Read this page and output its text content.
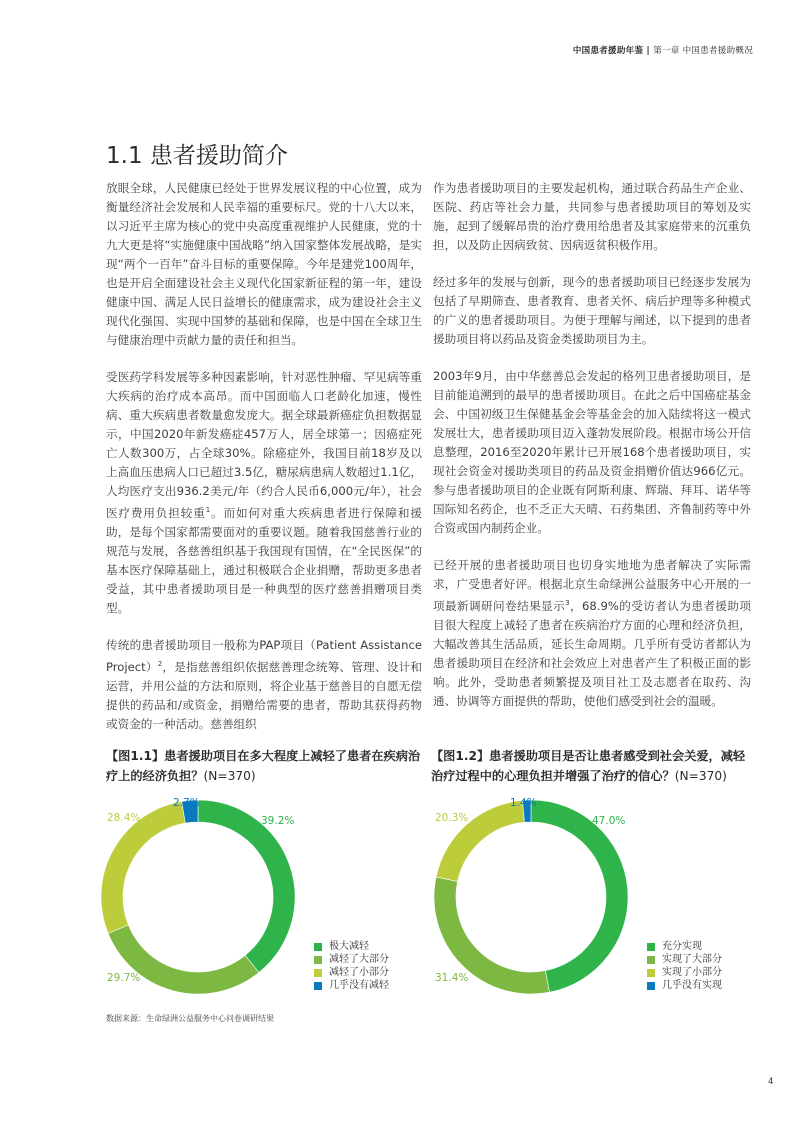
中国患者援助年鉴 | 第一章 中国患者援助概况
1.1 患者援助简介

放眼全球，人民健康已经处于世界发展议程的中心位置，成为衡量经济社会发展和人民幸福的重要标尺。党的十八大以来，以习近平主席为核心的党中央高度重视维护人民健康，党的十九大更是将“实施健康中国战略”纳入国家整体发展战略，是实现“两个一百年”奋斗目标的重要保障。今年是建党100周年，也是开启全面建设社会主义现代化国家新征程的第一年，建设健康中国、满足人民日益增长的健康需求，成为建设社会主义现代化强国、实现中国梦的基础和保障，也是中国在全球卫生与健康治理中贡献力量的责任和担当。

受医药学科发展等多种因素影响，针对恶性肿瘤、罕见病等重大疾病的治疗成本高昂。而中国面临人口老龄化加速，慢性病、重大疾病患者数量愈发庞大。据全球最新癌症负担数据显示，中国2020年新发癌症457万人，居全球第一；因癌症死亡人数300万，占全球30%。除癌症外，我国目前18岁及以上高血压患病人口已超过3.5亿，糖尿病患病人数超过1.1亿，人均医疗支出936.2美元/年（约合人民币6,000元/年），社会医疗费用负担较重$^1$。而如何对重大疾病患者进行保障和援助，是每个国家都需要面对的重要议题。随着我国慈善行业的规范与发展，各慈善组织基于我国现有国情，在“全民医保”的基本医疗保障基础上，通过积极联合企业捐赠，帮助更多患者受益，其中患者援助项目是一种典型的医疗慈善捐赠项目类型。

传统的患者援助项目一般称为PAP项目（Patient Assistance Project）$^2$，是指慈善组织依据慈善理念统筹、管理、设计和运营，并用公益的方法和原则，将企业基于慈善目的自愿无偿提供的药品和/或资金，捐赠给需要的患者，帮助其获得药物或资金的一种活动。慈善组织

作为患者援助项目的主要发起机构，通过联合药品生产企业、医院、药店等社会力量，共同参与患者援助项目的筹划及实施，起到了缓解昂贵的治疗费用给患者及其家庭带来的沉重负担，以及防止因病致贫、因病返贫积极作用。

经过多年的发展与创新，现今的患者援助项目已经逐步发展为包括了早期筛查、患者教育、患者关怀、病后护理等多种模式的广义的患者援助项目。为便于理解与阐述，以下提到的患者援助项目将以药品及资金类援助项目为主。

2003年9月，由中华慈善总会发起的格列卫患者援助项目，是目前能追溯到的最早的患者援助项目。在此之后中国癌症基金会、中国初级卫生保健基金会等基金会的加入陆续将这一模式发展壮大，患者援助项目迈入蓬勃发展阶段。根据市场公开信息整理，2016至2020年累计已开展168个患者援助项目，实现社会资金对援助类项目的药品及资金捐赠价值达966亿元。参与患者援助项目的企业既有阿斯利康、辉瑞、拜耳、诺华等国际知名药企，也不乏正大天晴、石药集团、齐鲁制药等中外合资或国内制药企业。

已经开展的患者援助项目也切身实地地为患者解决了实际需求，广受患者好评。根据北京生命绿洲公益服务中心开展的一项最新调研问卷结果显示$^3$，68.9%的受访者认为患者援助项目很大程度上减轻了患者在疾病治疗方面的心理和经济负担，大幅改善其生活品质，延长生命周期。几乎所有受访者都认为患者援助项目在经济和社会效应上对患者产生了积极正面的影响。此外，受助患者频繁提及项目社工及志愿者在取药、沟通、协调等方面提供的帮助，使他们感受到社会的温暖。

【图1.1】患者援助项目在多大程度上减轻了患者在疾病治疗上的经济负担？(N=370)
39.2%
29.7%
28.4%
2.7%
极大减轻
减轻了大部分
减轻了小部分
几乎没有减轻
【图1.2】患者援助项目是否让患者感受到社会关爱，减轻治疗过程中的心理负担并增强了治疗的信心？(N=370)
47.0%
31.4%
20.3%
1.4%
充分实现
实现了大部分
实现了小部分
几乎没有实现
数据来源：生命绿洲公益服务中心问卷调研结果
4
